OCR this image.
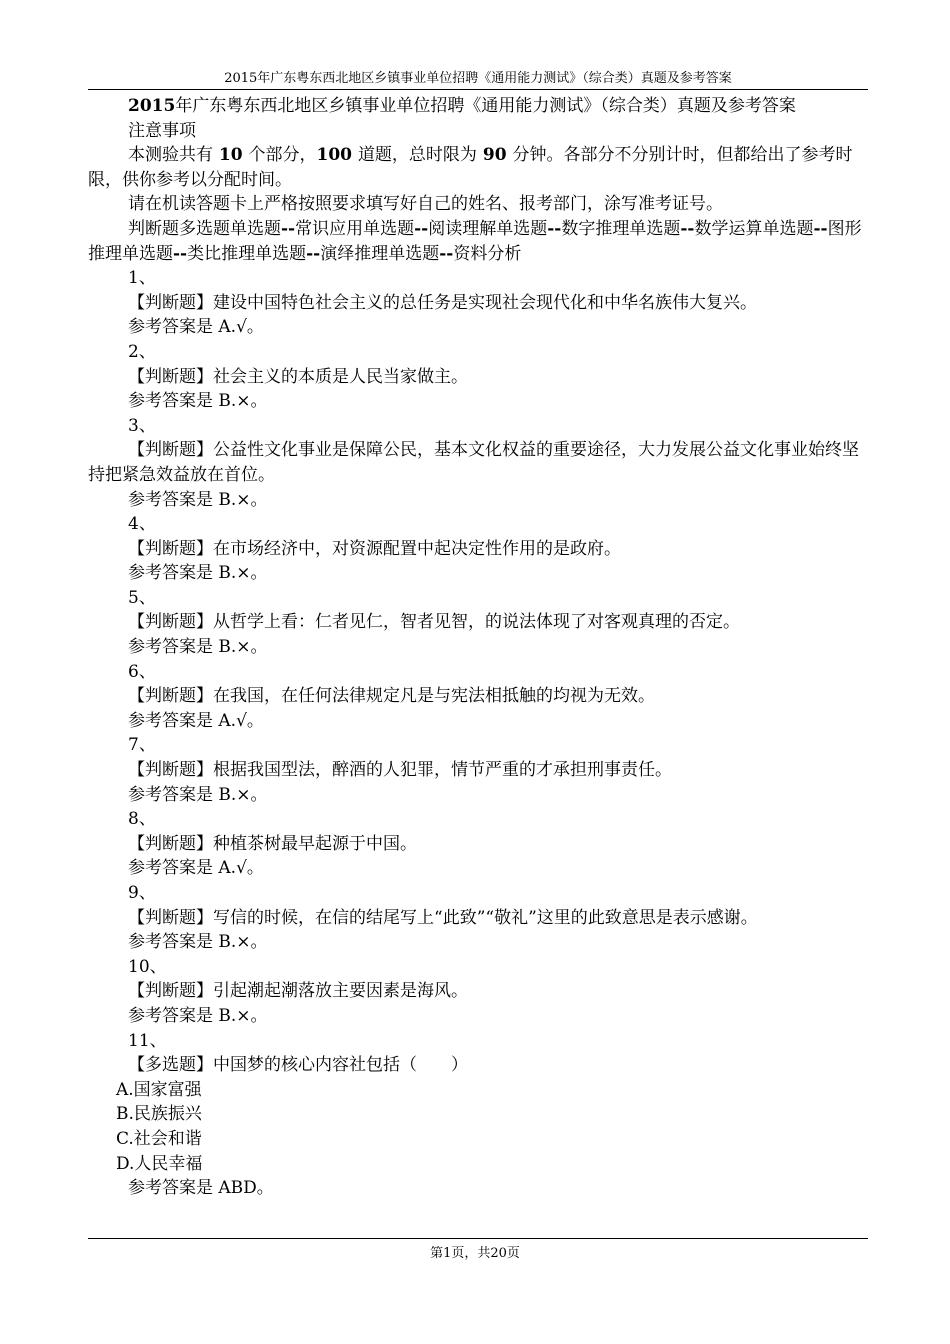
2015年广东粤东西北地区乡镇事业单位招聘《通用能力测试》（综合类）真题及参考答案

2015年广东粤东西北地区乡镇事业单位招聘《通用能力测试》（综合类）真题及参考答案

注意事项

本测验共有 10 个部分，100 道题，总时限为 90 分钟。各部分不分别计时，但都给出了参考时限，供你参考以分配时间。

请在机读答题卡上严格按照要求填写好自己的姓名、报考部门，涂写准考证号。

判断题多选题单选题--常识应用单选题--阅读理解单选题--数字推理单选题--数学运算单选题--图形推理单选题--类比推理单选题--演绎推理单选题--资料分析

1、

【判断题】建设中国特色社会主义的总任务是实现社会现代化和中华名族伟大复兴。

参考答案是 A.√。

2、

【判断题】社会主义的本质是人民当家做主。

参考答案是 B.×。

3、

【判断题】公益性文化事业是保障公民，基本文化权益的重要途径，大力发展公益文化事业始终坚持把紧急效益放在首位。

参考答案是 B.×。

4、

【判断题】在市场经济中，对资源配置中起决定性作用的是政府。

参考答案是 B.×。

5、

【判断题】从哲学上看：仁者见仁，智者见智，的说法体现了对客观真理的否定。

参考答案是 B.×。

6、

【判断题】在我国，在任何法律规定凡是与宪法相抵触的均视为无效。

参考答案是 A.√。

7、

【判断题】根据我国型法，醉酒的人犯罪，情节严重的才承担刑事责任。

参考答案是 B.×。

8、

【判断题】种植茶树最早起源于中国。

参考答案是 A.√。

9、

【判断题】写信的时候，在信的结尾写上“此致”“敬礼”这里的此致意思是表示感谢。

参考答案是 B.×。

10、

【判断题】引起潮起潮落放主要因素是海风。

参考答案是 B.×。

11、

【多选题】中国梦的核心内容社包括（　　）

A.国家富强

B.民族振兴

C.社会和谐

D.人民幸福

参考答案是 ABD。

第1页，共20页
